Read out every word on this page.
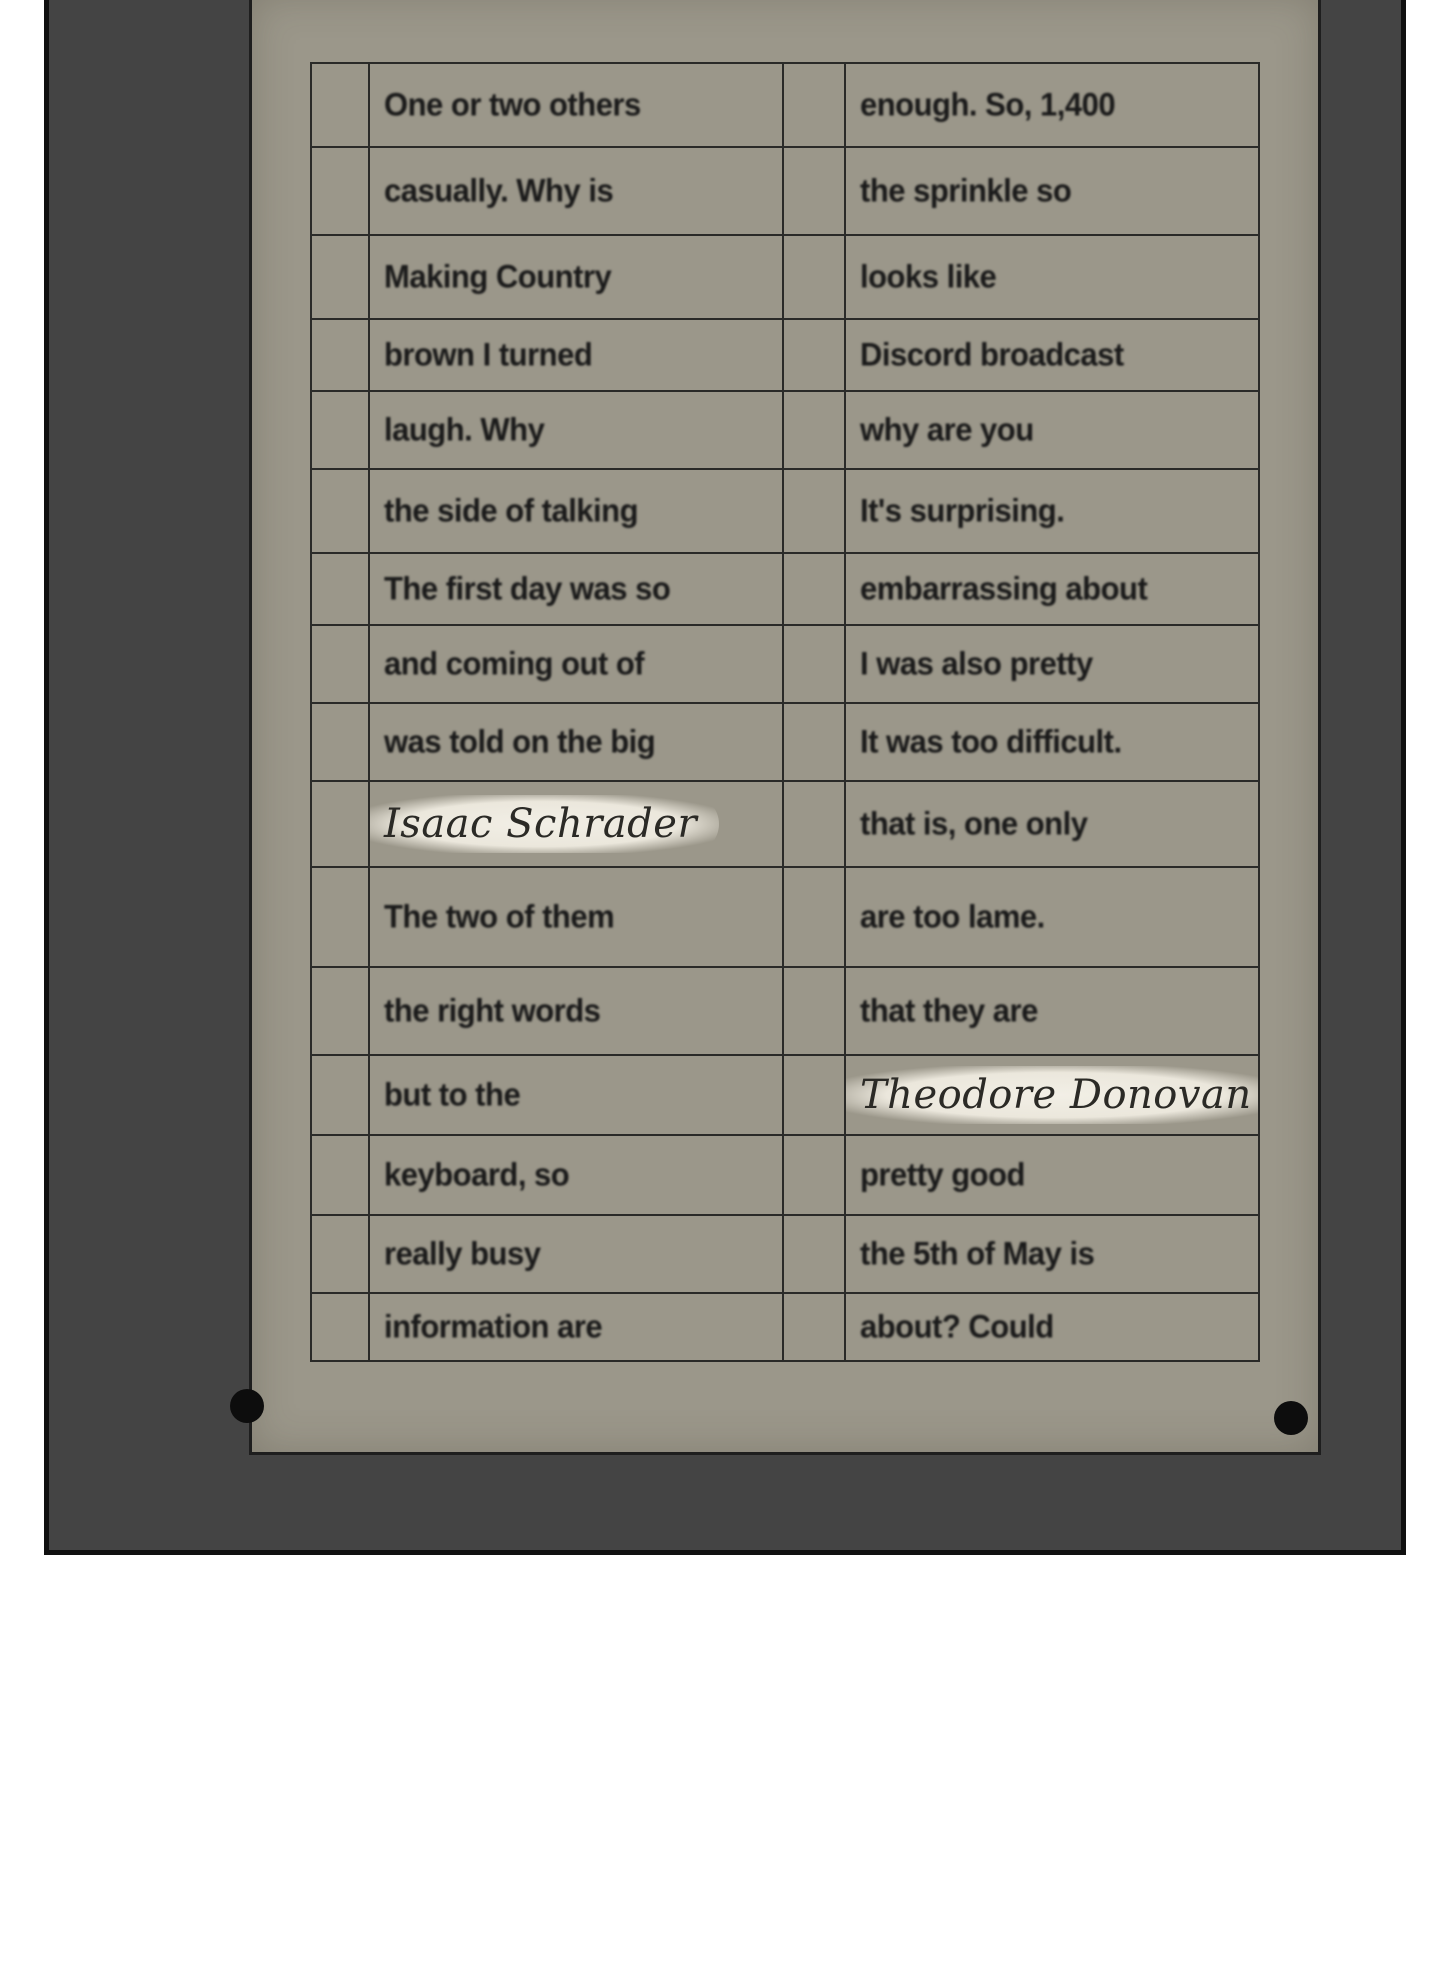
	One or two others		enough. So, 1,400
	casually. Why is		the sprinkle so
	Making Country		looks like
	brown I turned		Discord broadcast
	laugh. Why		why are you
	the side of talking		It's surprising.
	The first day was so		embarrassing about
	and coming out of		I was also pretty
	was told on the big		It was too difficult.
	Isaac Schrader		that is, one only
	The two of them		are too lame.
	the right words		that they are
	but to the		Theodore Donovan
	keyboard, so		pretty good
	really busy		the 5th of May is
	information are		about? Could
